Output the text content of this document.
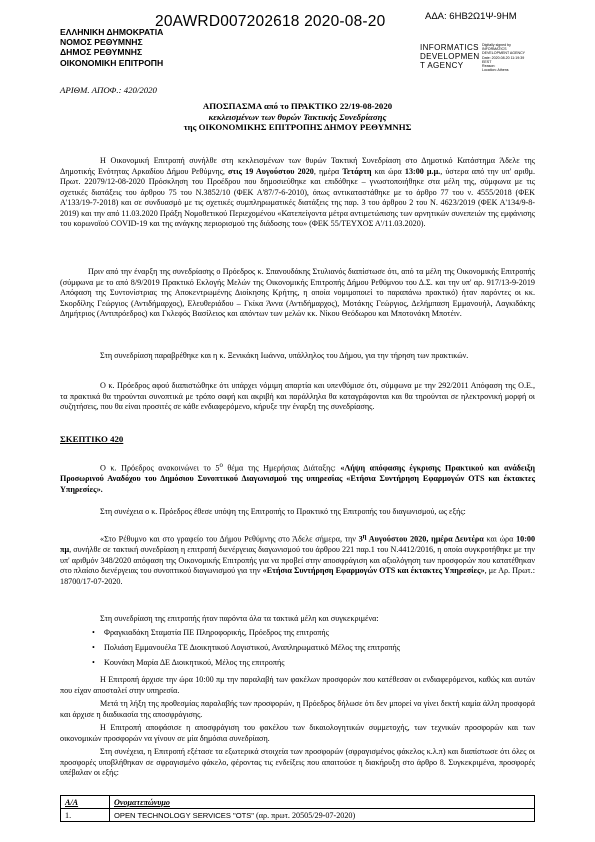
20AWRD007202618 2020-08-20	ΑΔΑ: 6ΗΒ2Ω1Ψ-9ΗΜ
ΕΛΛΗΝΙΚΗ ΔΗΜΟΚΡΑΤΙΑ
ΝΟΜΟΣ ΡΕΘΥΜΝΗΣ
ΔΗΜΟΣ ΡΕΘΥΜΝΗΣ
ΟΙΚΟΝΟΜΙΚΗ ΕΠΙΤΡΟΠΗ
INFORMATICS
DEVELOPMEN
T AGENCY
Digitally signed by
INFORMATICS
DEVELOPMENT AGENCY
Date: 2020.08.20 11:19:39
EEST
Reason:
Location: Athens
ΑΡΙΘΜ. ΑΠΟΦ.: 420/2020
ΑΠΟΣΠΑΣΜΑ από το ΠΡΑΚΤΙΚΟ 22/19-08-2020
κεκλεισμένων των θυρών Τακτικής Συνεδρίασης
της ΟΙΚΟΝΟΜΙΚΗΣ ΕΠΙΤΡΟΠΗΣ ΔΗΜΟΥ ΡΕΘΥΜΝΗΣ
Η Οικονομική Επιτροπή συνήλθε στη κεκλεισμένων των θυρών Τακτική Συνεδρίαση στο Δημοτικό Κατάστημα Άδελε της Δημοτικής Ενότητας Αρκαδίου Δήμου Ρεθύμνης, στις 19 Αυγούστου 2020, ημέρα Τετάρτη και ώρα 13:00 μ.μ., ύστερα από την υπ' αριθμ. Πρωτ. 22079/12-08-2020 Πρόσκληση του Προέδρου που δημοσιεύθηκε και επιδόθηκε – γνωστοποιήθηκε στα μέλη της, σύμφωνα με τις σχετικές διατάξεις του άρθρου 75 του Ν.3852/10 (ΦΕΚ Α'87/7-6-2010), όπως αντικαταστάθηκε με το άρθρο 77 του ν. 4555/2018 (ΦΕΚ Α'133/19-7-2018) και σε συνδυασμό με τις σχετικές συμπληρωματικές διατάξεις της παρ. 3 του άρθρου 2 του Ν. 4623/2019 (ΦΕΚ Α'134/9-8-2019) και την από 11.03.2020 Πράξη Νομοθετικού Περιεχομένου «Κατεπείγοντα μέτρα αντιμετώπισης των αρνητικών συνεπειών της εμφάνισης του κορωνοϊού COVID-19 και της ανάγκης περιορισμού της διάδοσης του» (ΦΕΚ 55/ΤΕΥΧΟΣ Α'/11.03.2020).
Πριν από την έναρξη της συνεδρίασης ο Πρόεδρος κ. Σπανουδάκης Στυλιανός διαπίστωσε ότι, από τα μέλη της Οικονομικής Επιτροπής (σύμφωνα με το από 8/9/2019 Πρακτικό Εκλογής Μελών της Οικονομικής Επιτροπής Δήμου Ρεθύμνου του Δ.Σ. και την υπ' αρ. 917/13-9-2019 Απόφαση της Συντονίστριας της Αποκεντρωμένης Διοίκησης Κρήτης, η οποία νομιμοποιεί το παραπάνω πρακτικό) ήταν παρόντες οι κκ. Σκορδίλης Γεώργιος (Αντιδήμαρχος), Ελευθεριάδου – Γκίκα Άννα (Αντιδήμαρχος), Μοτάκης Γεώργιος, Δελήμπαση Εμμανουήλ, Λαγκιδάκης Δημήτριος (Αντιπρόεδρος) και Γκλεφός Βασίλειος και απόντων των μελών κκ. Νίκου Θεόδωρου και Μποτονάκη Μποτέιν.
Στη συνεδρίαση παραβρέθηκε και η κ. Ξενικάκη Ιωάννα, υπάλληλος του Δήμου, για την τήρηση των πρακτικών.
Ο κ. Πρόεδρος αφού διαπιστώθηκε ότι υπάρχει νόμιμη απαρτία και υπενθύμισε ότι, σύμφωνα με την 292/2011 Απόφαση της Ο.Ε., τα πρακτικά θα τηρούνται συνοπτικά με τρόπο σαφή και ακριβή και παράλληλα θα καταγράφονται και θα τηρούνται σε ηλεκτρονική μορφή οι συζητήσεις, που θα είναι προσιτές σε κάθε ενδιαφερόμενο, κήρυξε την έναρξη της συνεδρίασης.
ΣΚΕΠΤΙΚΟ 420
Ο κ. Πρόεδρος ανακοινώνει το $5^o$ θέμα της Ημερήσιας Διάταξης: «Λήψη απόφασης έγκρισης Πρακτικού και ανάδειξη Προσωρινού Αναδόχου του Δημόσιου Συνοπτικού Διαγωνισμού της υπηρεσίας «Ετήσια Συντήρηση Εφαρμογών OTS και έκτακτες Υπηρεσίες».
Στη συνέχεια ο κ. Πρόεδρος έθεσε υπόψη της Επιτροπής το Πρακτικό της Επιτροπής του διαγωνισμού, ως εξής:
«Στο Ρέθυμνο και στο γραφείο του Δήμου Ρεθύμνης στο Άδελε σήμερα, την $3^\eta$ Αυγούστου 2020, ημέρα Δευτέρα και ώρα 10:00 πμ, συνήλθε σε τακτική συνεδρίαση η επιτροπή διενέργειας διαγωνισμού του άρθρου 221 παρ.1 του Ν.4412/2016, η οποία συγκροτήθηκε με την υπ' αριθμόν 348/2020 απόφαση της Οικονομικής Επιτροπής για να προβεί στην αποσφράγιση και αξιολόγηση των προσφορών που κατατέθηκαν στο πλαίσιο διενέργειας του συνοπτικού διαγωνισμού για την «Ετήσια Συντήρηση Εφαρμογών OTS και έκτακτες Υπηρεσίες», με Αρ. Πρωτ.: 18700/17-07-2020.
Στη συνεδρίαση της επιτροπής ήταν παρόντα όλα τα τακτικά μέλη και συγκεκριμένα:
• Φραγκιαδάκη Σταματία ΠΕ Πληροφορικής, Πρόεδρος της επιτροπής
• Πολιάση Εμμανουέλα ΤΕ Διοικητικού Λογιστικού, Αναπληρωματικό Μέλος της επιτροπής
• Κουνάκη Μαρία ΔΕ Διοικητικού, Μέλος της επιτροπής
Η Επιτροπή άρχισε την ώρα 10:00 πμ την παραλαβή των φακέλων προσφορών που κατέθεσαν οι ενδιαφερόμενοι, καθώς και αυτών που είχαν αποσταλεί στην υπηρεσία.
Μετά τη λήξη της προθεσμίας παραλαβής των προσφορών, η Πρόεδρος δήλωσε ότι δεν μπορεί να γίνει δεκτή καμία άλλη προσφορά και άρχισε η διαδικασία της αποσφράγισης.
Η Επιτροπή αποφάσισε η αποσφράγιση του φακέλου των δικαιολογητικών συμμετοχής, των τεχνικών προσφορών και των οικονομικών προσφορών να γίνουν σε μία δημόσια συνεδρίαση.
Στη συνέχεια, η Επιτροπή εξέτασε τα εξωτερικά στοιχεία των προσφορών (σφραγισμένος φάκελος κ.λ.π) και διαπίστωσε ότι όλες οι προσφορές υποβλήθηκαν σε σφραγισμένο φάκελο, φέροντας τις ενδείξεις που απαιτούσε η διακήρυξη στο άρθρο 8. Συγκεκριμένα, προσφορές υπέβαλαν οι εξής:
Α/Α	Ονοματεπώνυμο
1.	OPEN TECHNOLOGY SERVICES "OTS" (αρ. πρωτ. 20505/29-07-2020)
